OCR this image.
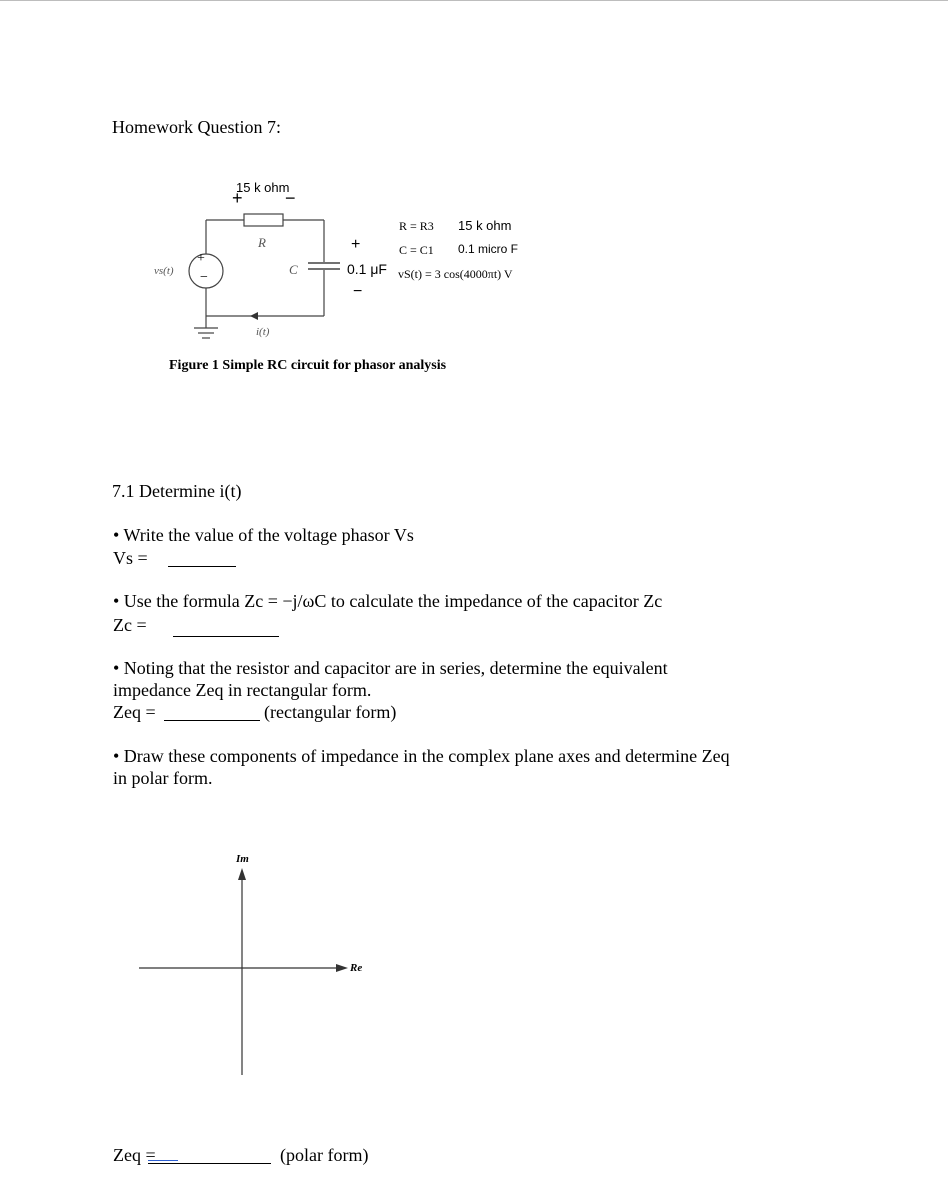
Homework Question 7:
15 k ohm
+ −
R
C
vs(t)
+
−
i(t)
+
0.1 μF
−
R = R3 15 k ohm
C = C1 0.1 micro F
vS(t) = 3 cos(4000πt) V
Figure 1 Simple RC circuit for phasor analysis
7.1 Determine i(t)
• Write the value of the voltage phasor Vs
Vs =
• Use the formula Zc = −j/ωC to calculate the impedance of the capacitor Zc
Zc =
• Noting that the resistor and capacitor are in series, determine the equivalent
impedance Zeq in rectangular form.
Zeq =	(rectangular form)
• Draw these components of impedance in the complex plane axes and determine Zeq
in polar form.
Im
Re
Zeq =	(polar form)
